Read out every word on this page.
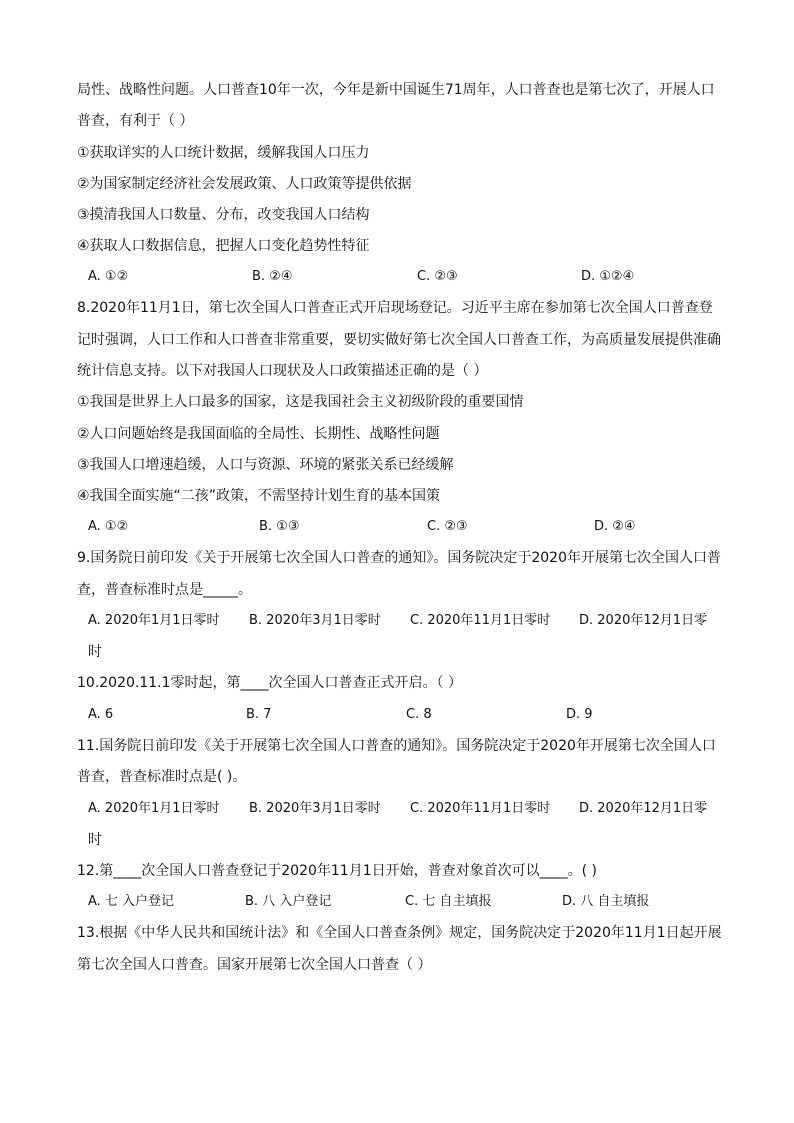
局性、战略性问题。人口普查10年一次，今年是新中国诞生71周年，人口普查也是第七次了，开展人口
普查，有利于（ ）
①获取详实的人口统计数据，缓解我国人口压力
②为国家制定经济社会发展政策、人口政策等提供依据
③摸清我国人口数量、分布，改变我国人口结构
④获取人口数据信息，把握人口变化趋势性特征
A. ①②	B. ②④	C. ②③	D. ①②④
8.2020年11月1日，第七次全国人口普查正式开启现场登记。习近平主席在参加第七次全国人口普查登
记时强调，人口工作和人口普查非常重要，要切实做好第七次全国人口普查工作，为高质量发展提供准确
统计信息支持。以下对我国人口现状及人口政策描述正确的是（ ）
①我国是世界上人口最多的国家，这是我国社会主义初级阶段的重要国情
②人口问题始终是我国面临的全局性、长期性、战略性问题
③我国人口增速趋缓，人口与资源、环境的紧张关系已经缓解
④我国全面实施“二孩”政策，不需坚持计划生育的基本国策
A. ①②	B. ①③	C. ②③	D. ②④
9.国务院日前印发《关于开展第七次全国人口普查的通知》。国务院决定于2020年开展第七次全国人口普
查，普查标准时点是_____。
A. 2020年1月1日零时 B. 2020年3月1日零时 C. 2020年11月1日零时 D. 2020年12月1日零
时
10.2020.11.1零时起，第____次全国人口普查正式开启。（ ）
A. 6	B. 7	C. 8	D. 9
11.国务院日前印发《关于开展第七次全国人口普查的通知》。国务院决定于2020年开展第七次全国人口
普查，普查标准时点是( )。
A. 2020年1月1日零时 B. 2020年3月1日零时 C. 2020年11月1日零时 D. 2020年12月1日零
时
12.第____次全国人口普查登记于2020年11月1日开始，普查对象首次可以____。( )
A. 七 入户登记	B. 八 入户登记	C. 七 自主填报	D. 八 自主填报
13.根据《中华人民共和国统计法》和《全国人口普查条例》规定，国务院决定于2020年11月1日起开展
第七次全国人口普查。国家开展第七次全国人口普查（ ）
